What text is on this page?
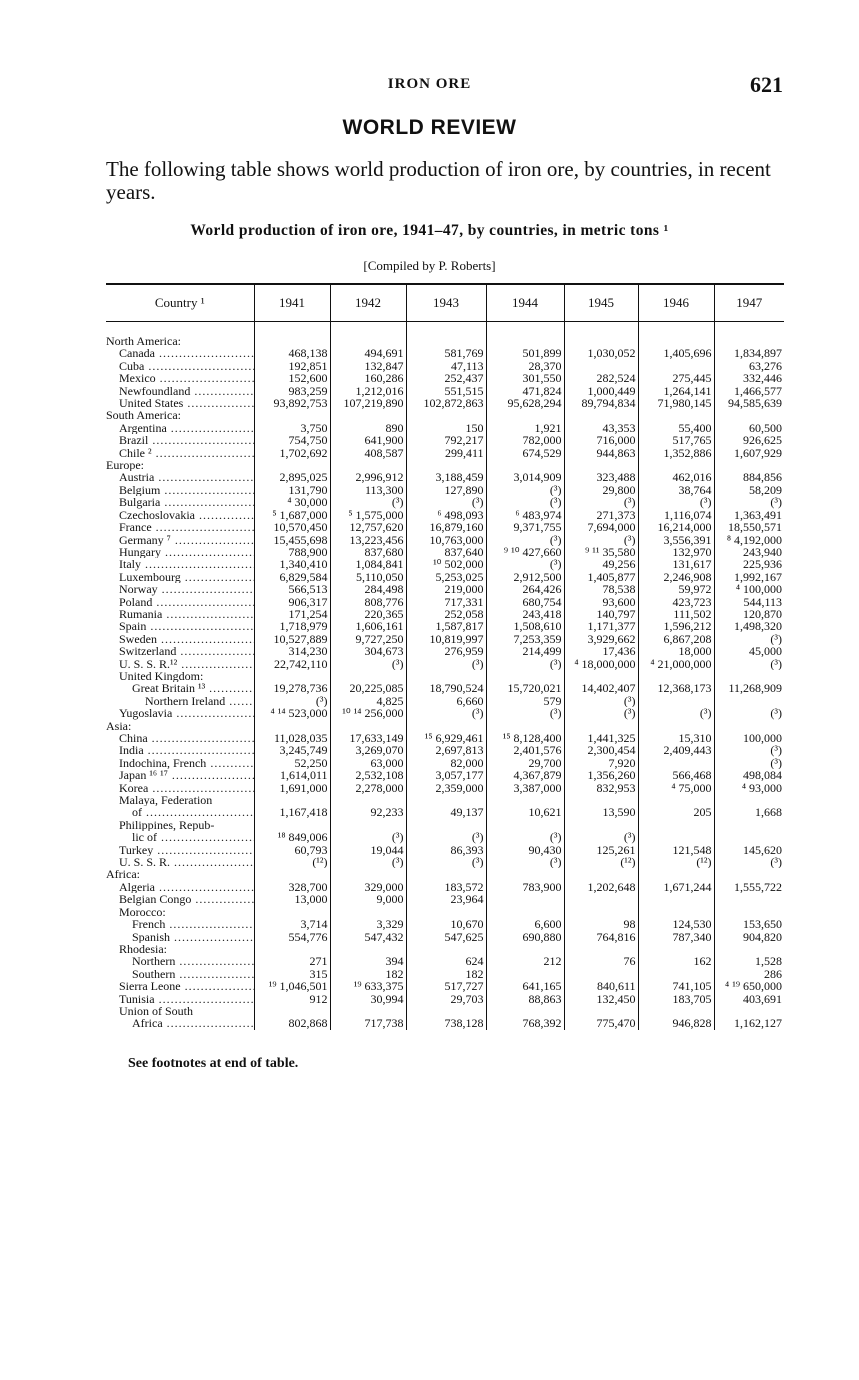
IRON ORE	621
WORLD REVIEW
The following table shows world production of iron ore, by countries, in recent years.
World production of iron ore, 1941–47, by countries, in metric tons ¹
[Compiled by P. Roberts]
Country ¹	1941	1942	1943	1944	1945	1946	1947

North America:							

Canada .....	468,138	494,691	581,769	501,899	1,030,052	1,405,696	1,834,897

Cuba .....	192,851	132,847	47,113	28,370			63,276

Mexico .....	152,600	160,286	252,437	301,550	282,524	275,445	332,446

Newfoundland .....	983,259	1,212,016	551,515	471,824	1,000,449	1,264,141	1,466,577

United States .....	93,892,753	107,219,890	102,872,863	95,628,294	89,794,834	71,980,145	94,585,639
South America:							

Argentina .....	3,750	890	150	1,921	43,353	55,400	60,500

Brazil .....	754,750	641,900	792,217	782,000	716,000	517,765	926,625

Chile ² .....	1,702,692	408,587	299,411	674,529	944,863	1,352,886	1,607,929
Europe:							

Austria .....	2,895,025	2,996,912	3,188,459	3,014,909	323,488	462,016	884,856

Belgium .....	131,790	113,300	127,890	(³)	29,800	38,764	58,209

Bulgaria .....	⁴ 30,000	(³)	(³)	(³)	(³)	(³)	(³)

Czechoslovakia .....	⁵ 1,687,000	⁵ 1,575,000	⁶ 498,093	⁶ 483,974	271,373	1,116,074	1,363,491

France .....	10,570,450	12,757,620	16,879,160	9,371,755	7,694,000	16,214,000	18,550,571

Germany ⁷ .....	15,455,698	13,223,456	10,763,000	(³)	(³)	3,556,391	⁸ 4,192,000

Hungary .....	788,900	837,680	837,640	⁹ ¹⁰ 427,660	⁹ ¹¹ 35,580	132,970	243,940

Italy .....	1,340,410	1,084,841	¹⁰ 502,000	(³)	49,256	131,617	225,936

Luxembourg .....	6,829,584	5,110,050	5,253,025	2,912,500	1,405,877	2,246,908	1,992,167

Norway .....	566,513	284,498	219,000	264,426	78,538	59,972	⁴ 100,000

Poland .....	906,317	808,776	717,331	680,754	93,600	423,723	544,113

Rumania .....	171,254	220,365	252,058	243,418	140,797	111,502	120,870

Spain .....	1,718,979	1,606,161	1,587,817	1,508,610	1,171,377	1,596,212	1,498,320

Sweden .....	10,527,889	9,727,250	10,819,997	7,253,359	3,929,662	6,867,208	(³)

Switzerland .....	314,230	304,673	276,959	214,499	17,436	18,000	45,000

U. S. S. R.¹² .....	22,742,110	(³)	(³)	(³)	⁴ 18,000,000	⁴ 21,000,000	(³)
United Kingdom:							

Great Britain ¹³ .....	19,278,736	20,225,085	18,790,524	15,720,021	14,402,407	12,368,173	11,268,909

Northern Ireland .....	(³)	4,825	6,660	579	(³)		

Yugoslavia .....	⁴ ¹⁴ 523,000	¹⁰ ¹⁴ 256,000	(³)	(³)	(³)	(³)	(³)
Asia:							

China .....	11,028,035	17,633,149	¹⁵ 6,929,461	¹⁵ 8,128,400	1,441,325	15,310	100,000

India .....	3,245,749	3,269,070	2,697,813	2,401,576	2,300,454	2,409,443	(³)

Indochina, French .....	52,250	63,000	82,000	29,700	7,920		(³)

Japan ¹⁶ ¹⁷ .....	1,614,011	2,532,108	3,057,177	4,367,879	1,356,260	566,468	498,084

Korea .....	1,691,000	2,278,000	2,359,000	3,387,000	832,953	⁴ 75,000	⁴ 93,000
Malaya, Federation							

of .....	1,167,418	92,233	49,137	10,621	13,590	205	1,668
Philippines, Repub-							

lic of .....	¹⁸ 849,006	(³)	(³)	(³)	(³)		

Turkey .....	60,793	19,044	86,393	90,430	125,261	121,548	145,620

U. S. S. R. .....	(¹²)	(³)	(³)	(³)	(¹²)	(¹²)	(³)
Africa:							

Algeria .....	328,700	329,000	183,572	783,900	1,202,648	1,671,244	1,555,722

Belgian Congo .....	13,000	9,000	23,964				
Morocco:							

French .....	3,714	3,329	10,670	6,600	98	124,530	153,650

Spanish .....	554,776	547,432	547,625	690,880	764,816	787,340	904,820
Rhodesia:							

Northern .....	271	394	624	212	76	162	1,528

Southern .....	315	182	182				286

Sierra Leone .....	¹⁹ 1,046,501	¹⁹ 633,375	517,727	641,165	840,611	741,105	⁴ ¹⁹ 650,000

Tunisia .....	912	30,994	29,703	88,863	132,450	183,705	403,691
Union of South							

Africa .....	802,868	717,738	738,128	768,392	775,470	946,828	1,162,127
See footnotes at end of table.
